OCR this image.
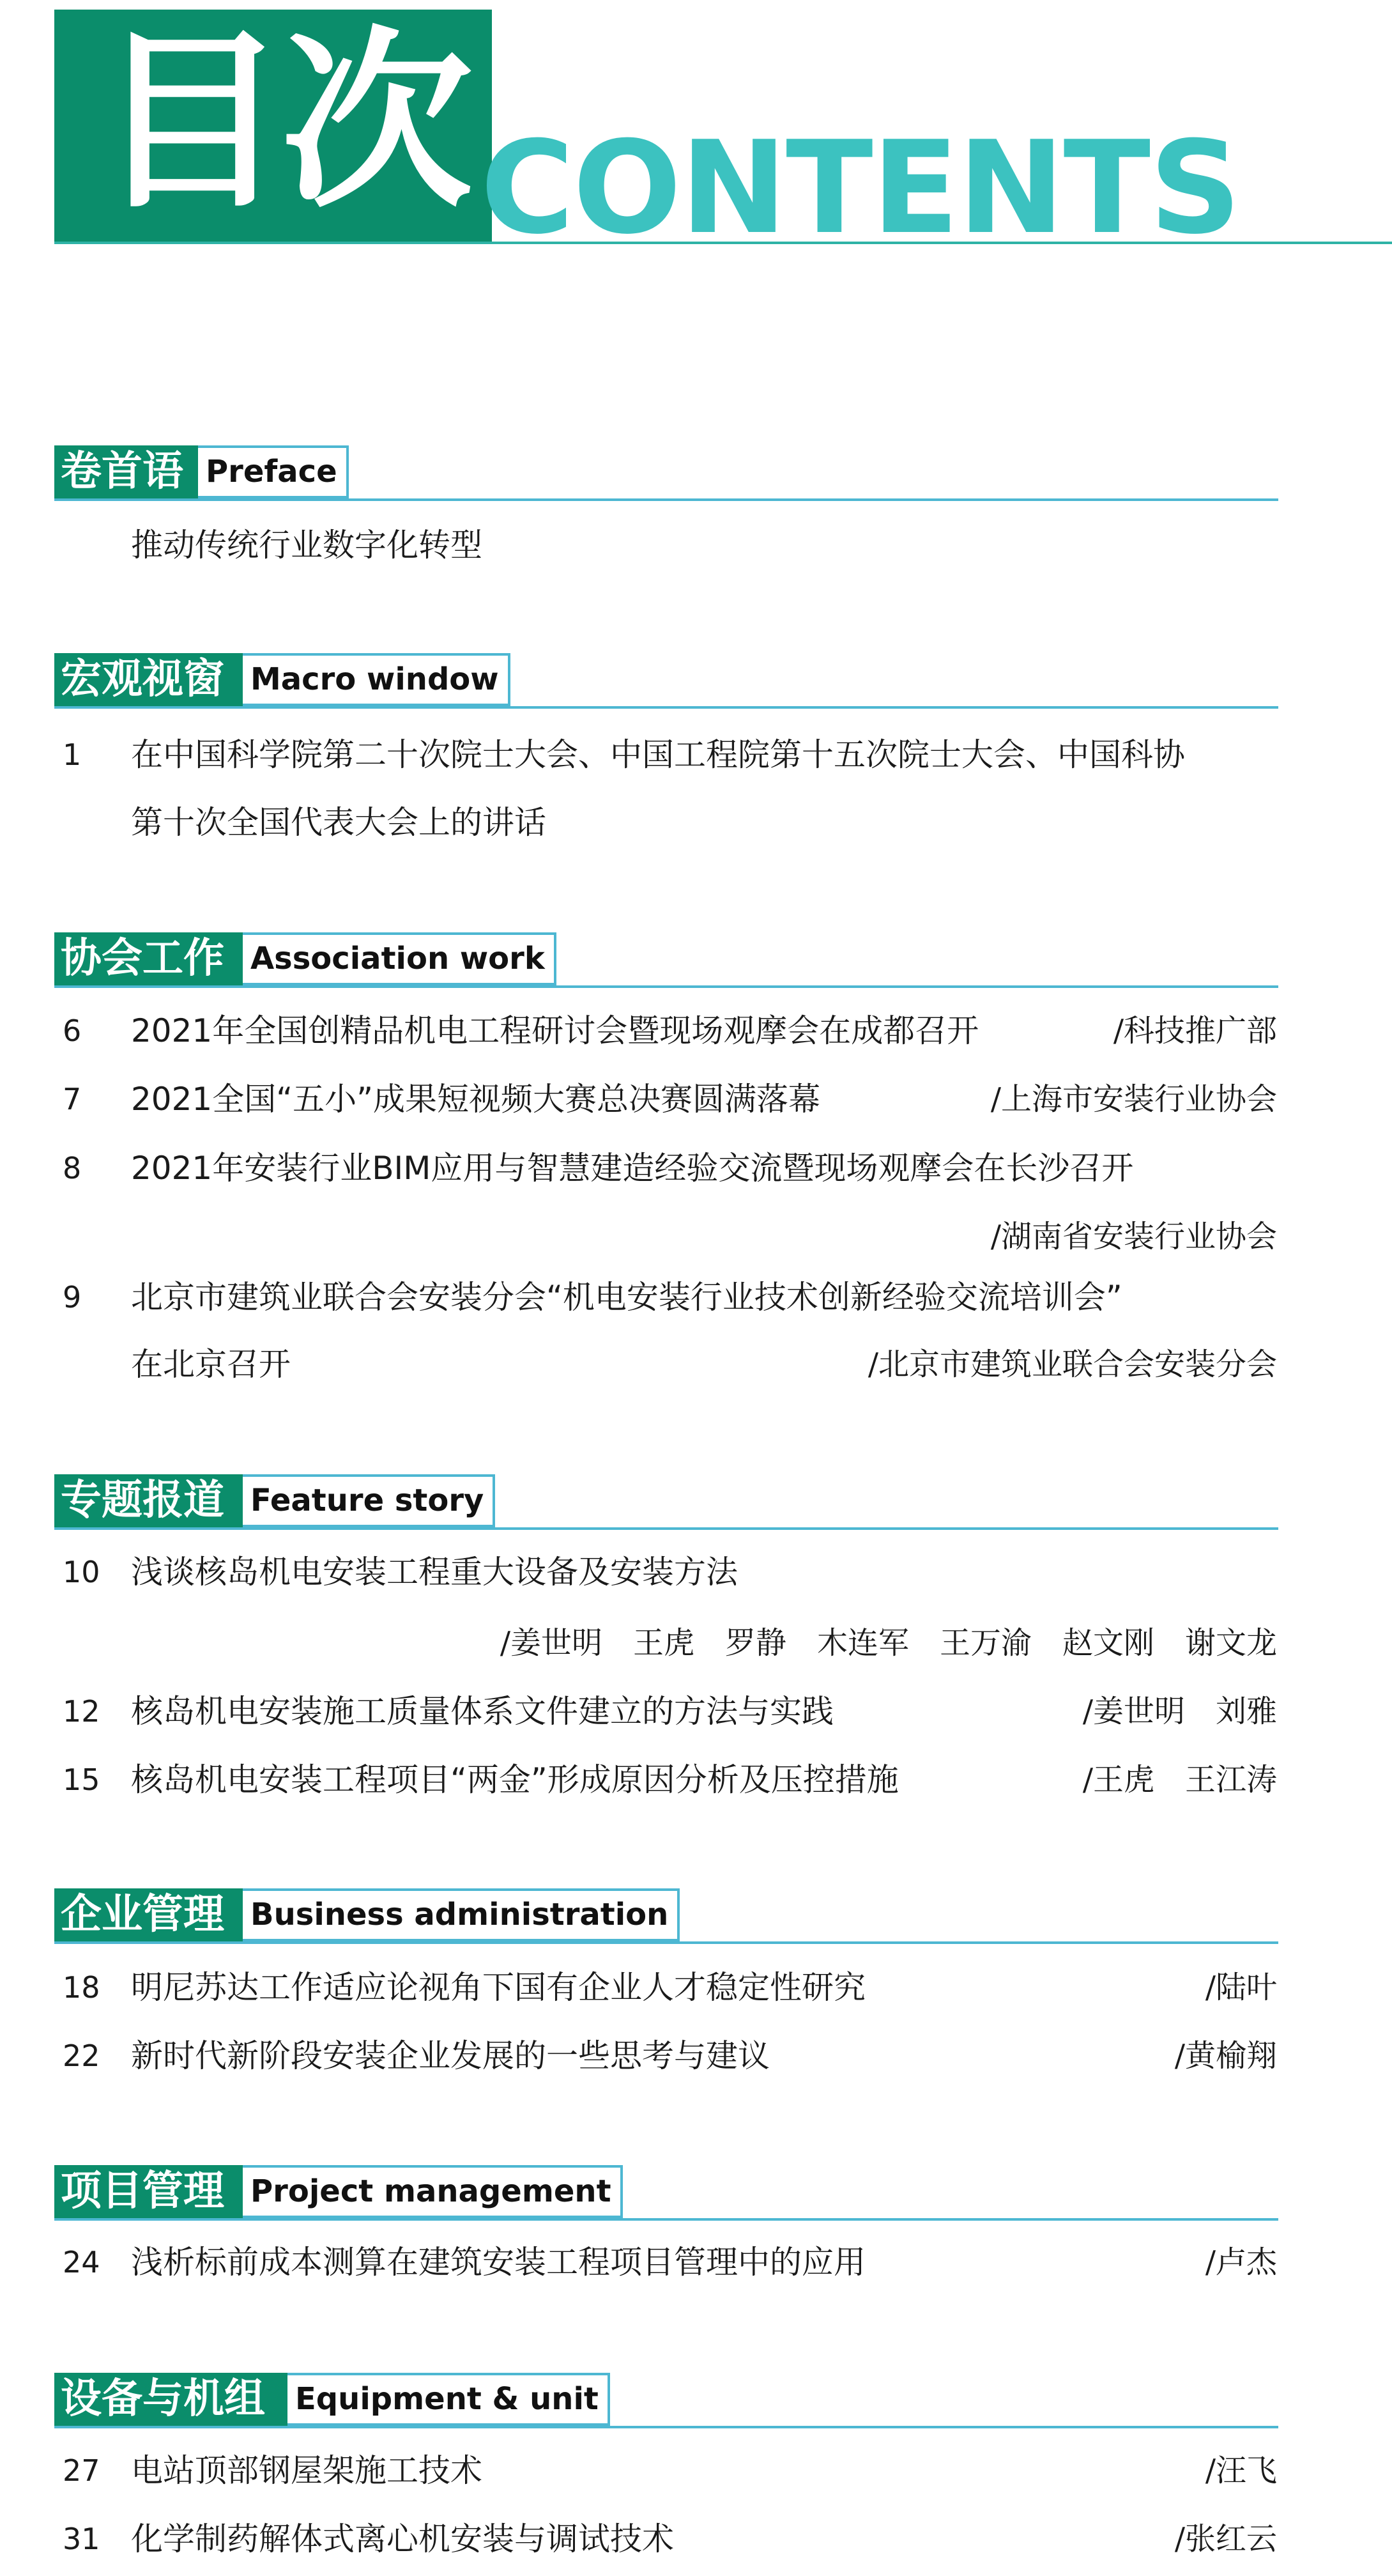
目次 CONTENTS
卷首语 Preface
推动传统行业数字化转型
宏观视窗 Macro window
1 在中国科学院第二十次院士大会、中国工程院第十五次院士大会、中国科协
第十次全国代表大会上的讲话
协会工作 Association work
6 2021年全国创精品机电工程研讨会暨现场观摩会在成都召开	/科技推广部
7 2021全国“五小”成果短视频大赛总决赛圆满落幕	/上海市安装行业协会
8 2021年安装行业BIM应用与智慧建造经验交流暨现场观摩会在长沙召开
/湖南省安装行业协会
9 北京市建筑业联合会安装分会“机电安装行业技术创新经验交流培训会”
在北京召开	/北京市建筑业联合会安装分会
专题报道 Feature story
10 浅谈核岛机电安装工程重大设备及安装方法
/姜世明　王虎　罗静　木连军　王万渝　赵文刚　谢文龙
12 核岛机电安装施工质量体系文件建立的方法与实践	/姜世明　刘雅
15 核岛机电安装工程项目“两金”形成原因分析及压控措施	/王虎　王江涛
企业管理 Business administration
18 明尼苏达工作适应论视角下国有企业人才稳定性研究	/陆叶
22 新时代新阶段安装企业发展的一些思考与建议	/黄榆翔
项目管理 Project management
24 浅析标前成本测算在建筑安装工程项目管理中的应用	/卢杰
设备与机组 Equipment & unit
27 电站顶部钢屋架施工技术	/汪飞
31 化学制药解体式离心机安装与调试技术	/张红云
